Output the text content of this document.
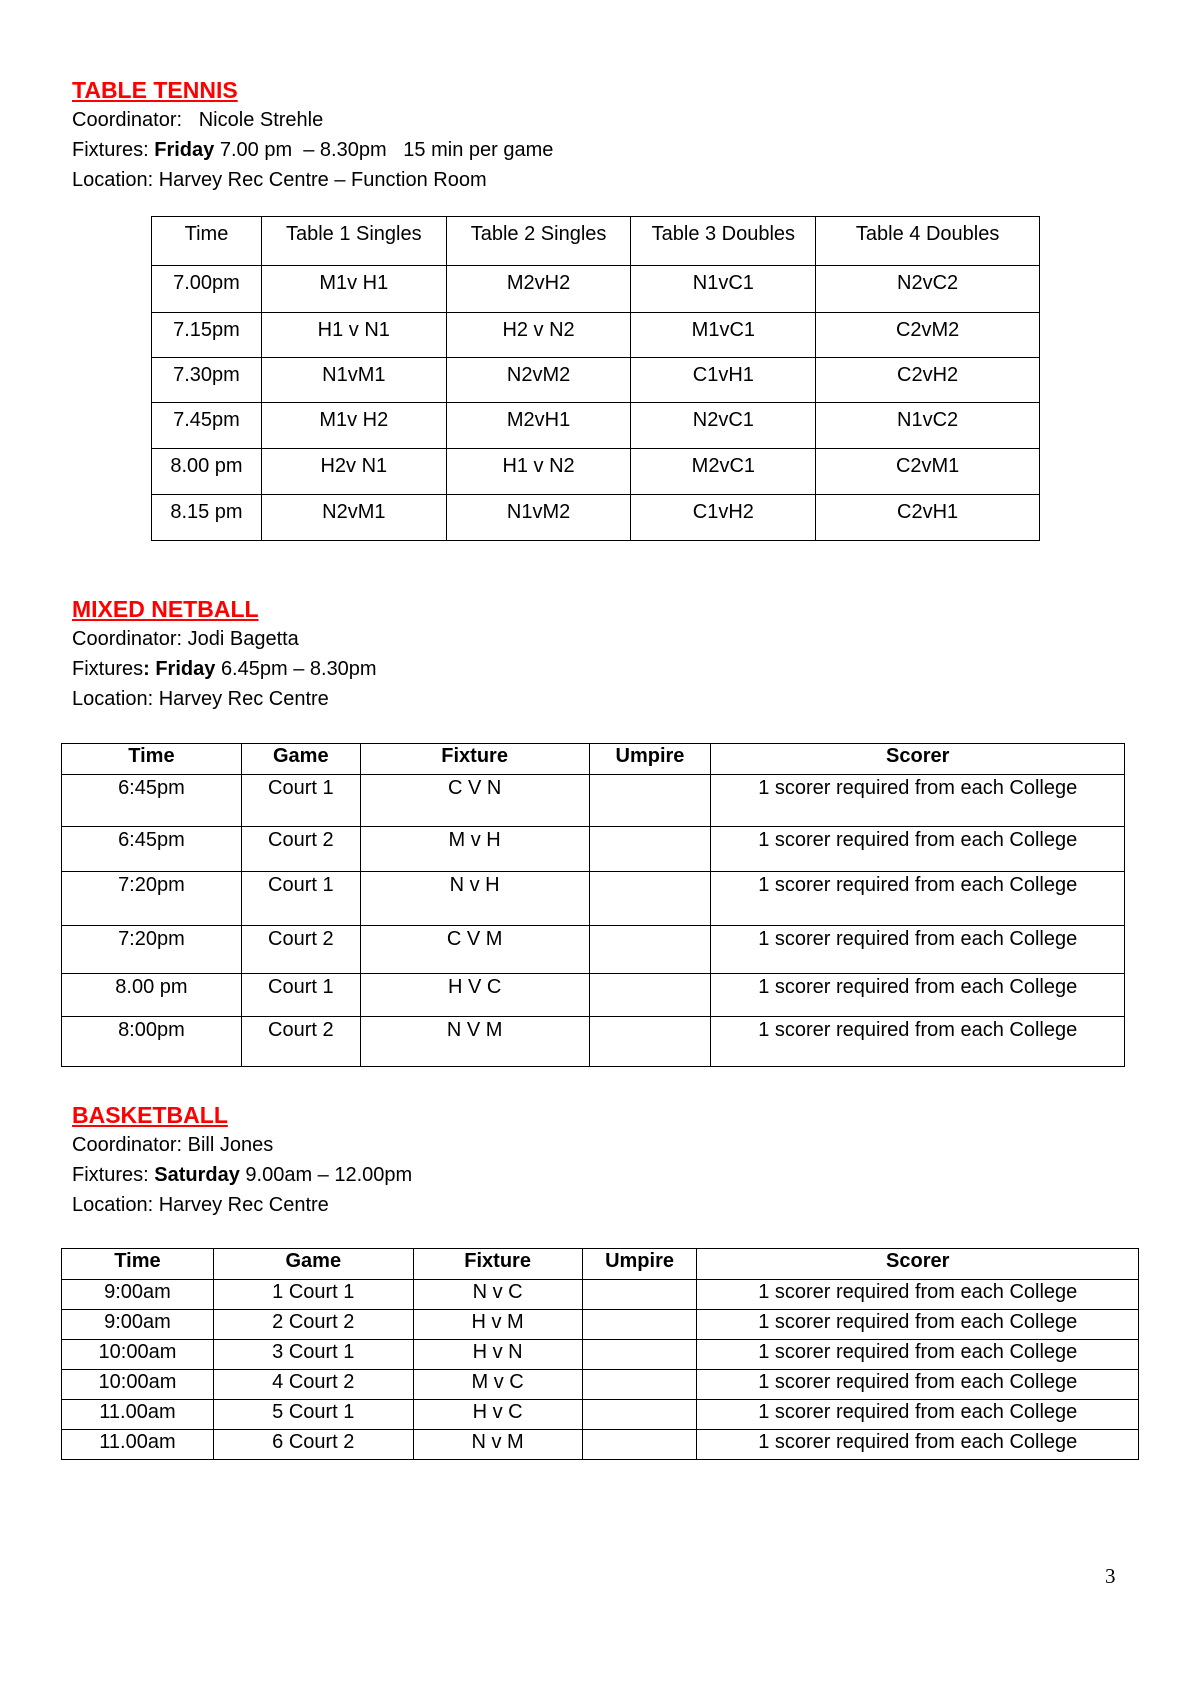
TABLE TENNIS

Coordinator: Nicole Strehle

Fixtures: Friday 7.00 pm  – 8.30pm   15 min per game

Location: Harvey Rec Centre – Function Room

Time	Table 1 Singles	Table 2 Singles	Table 3 Doubles	Table 4 Doubles
7.00pm	M1v H1	M2vH2	N1vC1	N2vC2
7.15pm	H1 v N1	H2 v N2	M1vC1	C2vM2
7.30pm	N1vM1	N2vM2	C1vH1	C2vH2
7.45pm	M1v H2	M2vH1	N2vC1	N1vC2
8.00 pm	H2v N1	H1 v N2	M2vC1	C2vM1
8.15 pm	N2vM1	N1vM2	C1vH2	C2vH1
MIXED NETBALL

Coordinator: Jodi Bagetta

Fixtures: Friday 6.45pm – 8.30pm

Location: Harvey Rec Centre

Time	Game	Fixture	Umpire	Scorer
6:45pm	Court 1	C V N		1 scorer required from each College
6:45pm	Court 2	M v H		1 scorer required from each College
7:20pm	Court 1	N v H		1 scorer required from each College
7:20pm	Court 2	C V M		1 scorer required from each College
8.00 pm	Court 1	H V C		1 scorer required from each College
8:00pm	Court 2	N V M		1 scorer required from each College
BASKETBALL

Coordinator: Bill Jones

Fixtures: Saturday 9.00am – 12.00pm

Location: Harvey Rec Centre

Time	Game	Fixture	Umpire	Scorer
9:00am	1 Court 1	N v C		1 scorer required from each College
9:00am	2 Court 2	H v M		1 scorer required from each College
10:00am	3 Court 1	H v N		1 scorer required from each College
10:00am	4 Court 2	M v C		1 scorer required from each College
11.00am	5 Court 1	H v C		1 scorer required from each College
11.00am	6 Court 2	N v M		1 scorer required from each College
3
